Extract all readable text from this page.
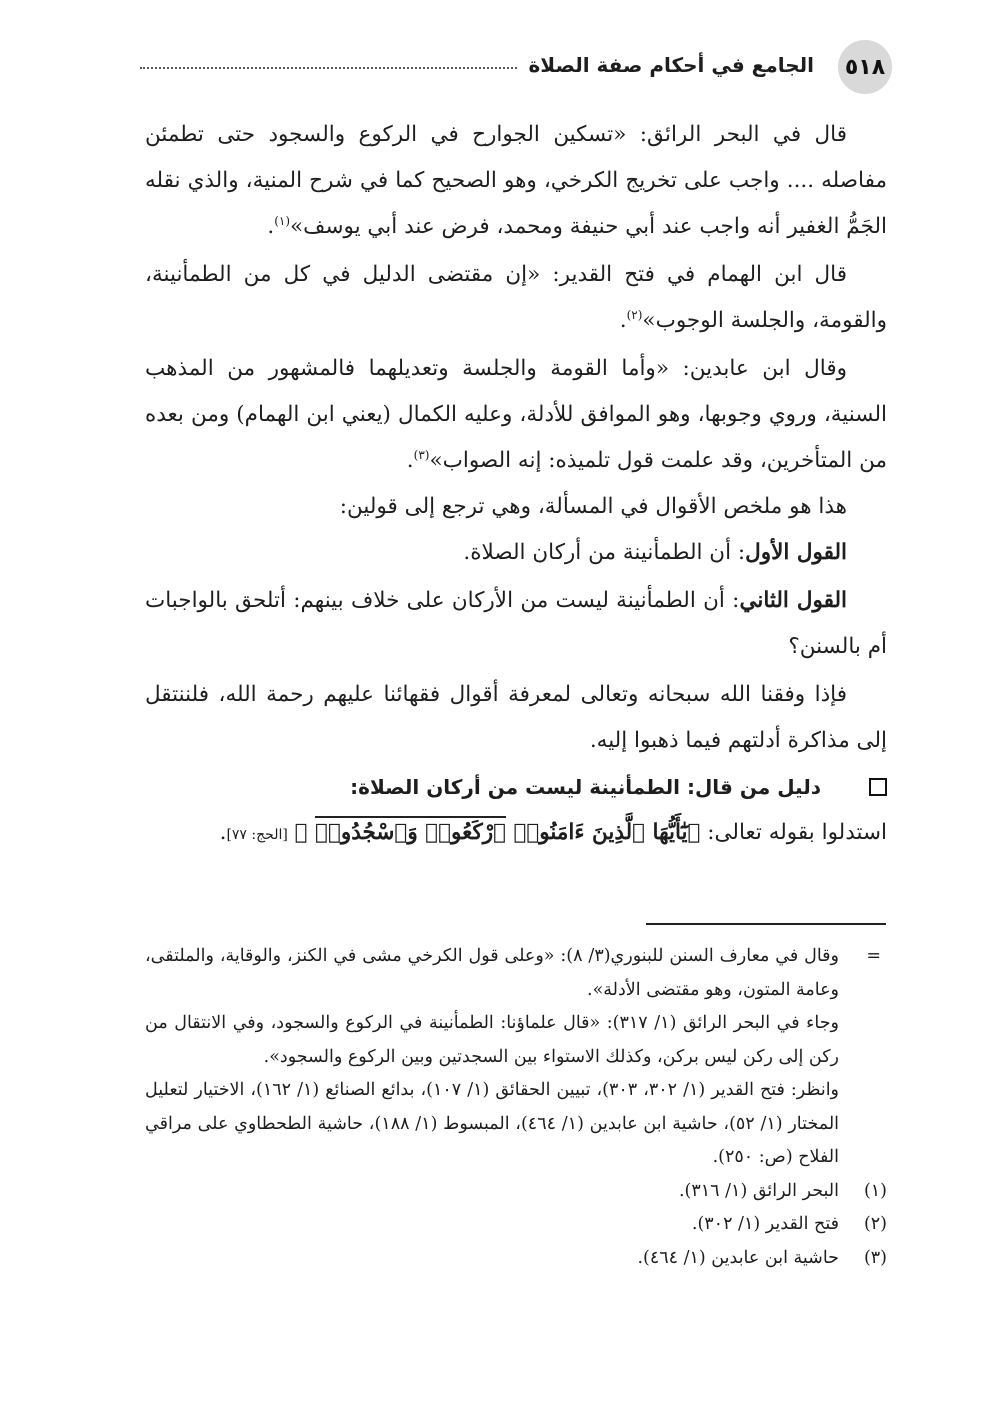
٥١٨
الجامع في أحكام صفة الصلاة

قال في البحر الرائق: «تسكين الجوارح في الركوع والسجود حتى تطمئن مفاصله .... واجب على تخريج الكرخي، وهو الصحيح كما في شرح المنية، والذي نقله الجَمُّ الغفير أنه واجب عند أبي حنيفة ومحمد، فرض عند أبي يوسف»$^{(١)}$.

قال ابن الهمام في فتح القدير: «إن مقتضى الدليل في كل من الطمأنينة، والقومة، والجلسة الوجوب»$^{(٢)}$.

وقال ابن عابدين: «وأما القومة والجلسة وتعديلهما فالمشهور من المذهب السنية، وروي وجوبها، وهو الموافق للأدلة، وعليه الكمال (يعني ابن الهمام) ومن بعده من المتأخرين، وقد علمت قول تلميذه: إنه الصواب»$^{(٣)}$.

هذا هو ملخص الأقوال في المسألة، وهي ترجع إلى قولين:

القول الأول: أن الطمأنينة من أركان الصلاة.

القول الثاني: أن الطمأنينة ليست من الأركان على خلاف بينهم: أتلحق بالواجبات أم بالسنن؟

فإذا وفقنا الله سبحانه وتعالى لمعرفة أقوال فقهائنا عليهم رحمة الله، فلننتقل إلى مذاكرة أدلتهم فيما ذهبوا إليه.

دليل من قال: الطمأنينة ليست من أركان الصلاة:

استدلوا بقوله تعالى: ﴿يَٰٓأَيُّهَا ٱلَّذِينَ ءَامَنُوا۟ ٱرْكَعُوا۟ وَٱسْجُدُوا۟ ﴾ [الحج: ٧٧].

=
وقال في معارف السنن للبنوري(٣/ ٨): «وعلى قول الكرخي مشى في الكنز، والوقاية، والملتقى، وعامة المتون، وهو مقتضى الأدلة».

وجاء في البحر الرائق (١/ ٣١٧): «قال علماؤنا: الطمأنينة في الركوع والسجود، وفي الانتقال من ركن إلى ركن ليس بركن، وكذلك الاستواء بين السجدتين وبين الركوع والسجود».

وانظر: فتح القدير (١/ ٣٠٢، ٣٠٣)، تبيين الحقائق (١/ ١٠٧)، بدائع الصنائع (١/ ١٦٢)، الاختيار لتعليل المختار (١/ ٥٢)، حاشية ابن عابدين (١/ ٤٦٤)، المبسوط (١/ ١٨٨)، حاشية الطحطاوي على مراقي الفلاح (ص: ٢٥٠).

(١)
البحر الرائق (١/ ٣١٦).

(٢)
فتح القدير (١/ ٣٠٢).

(٣)
حاشية ابن عابدين (١/ ٤٦٤).
